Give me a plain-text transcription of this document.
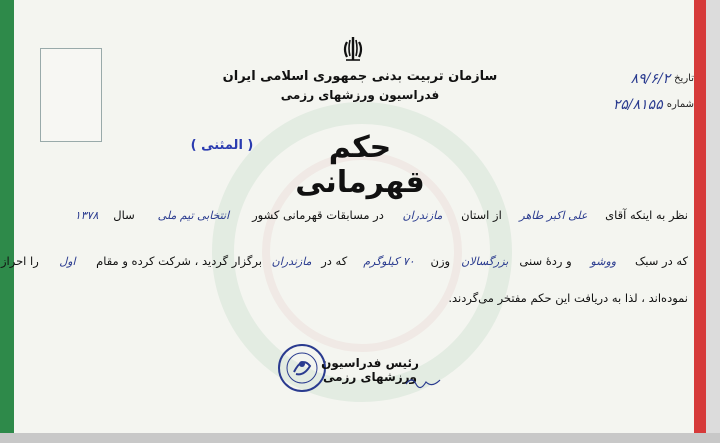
سازمان تربیت بدنی جمهوری اسلامی ایران
فدراسیون ورزشهای رزمی
تاریخ
۸۹/۶/۲
شماره
۲۵/۸۱۵۵
حکم قهرمانی
( المثنی )
نظر به اینکه آقای علی اکبر طاهر از استان مازندران در مسابقات قهرمانی کشور انتخابی تیم ملی سال ۱۳۷۸
که در سبک ووشو و ردهٔ سنی بزرگسالان وزن ۷۰ کیلوگرم که در مازندران برگزار گردید ، شرکت کرده و مقام اول را احراز
نموده‌اند ، لذا به دریافت این حکم مفتخر می‌گردند.
رئیس فدراسیون ورزشهای رزمی
